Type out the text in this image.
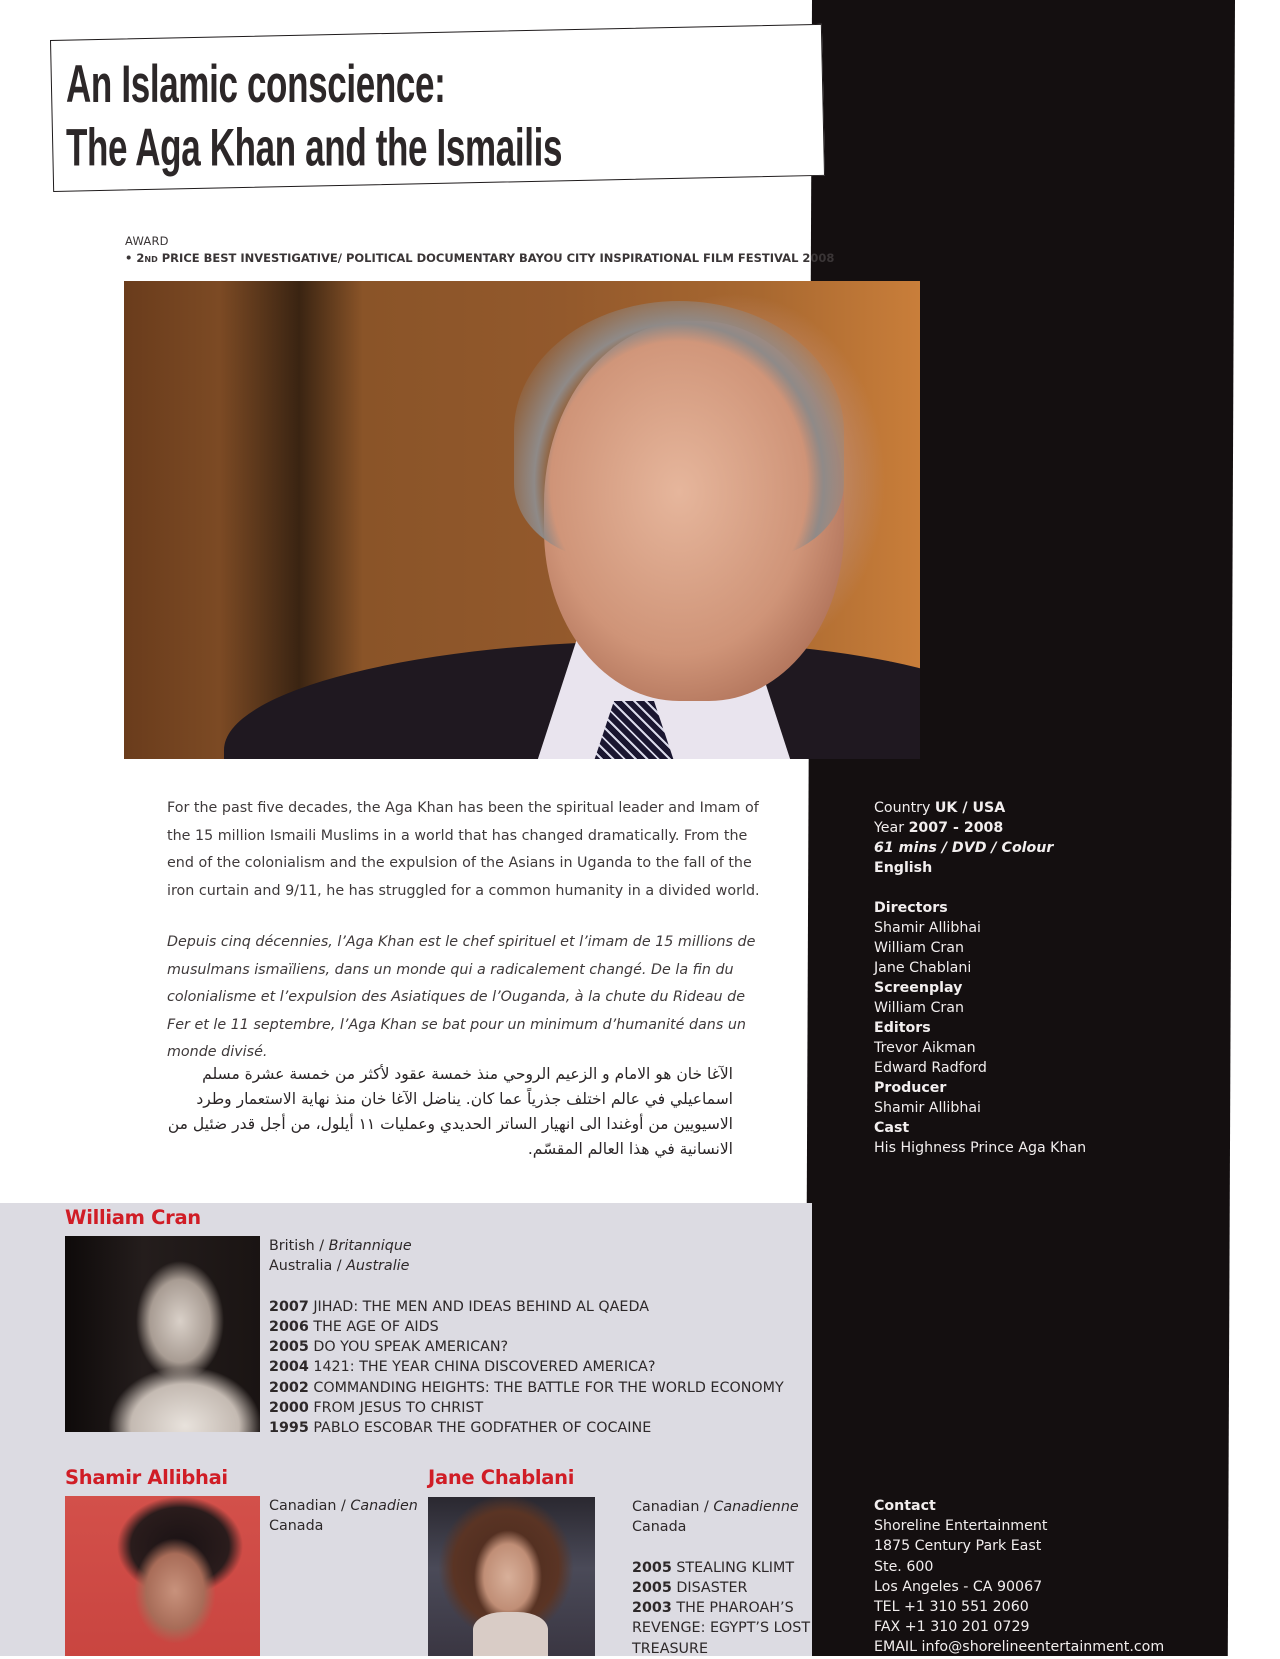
An Islamic conscience:
The Aga Khan and the Ismailis
AWARD
• 2ND PRICE BEST INVESTIGATIVE/ POLITICAL DOCUMENTARY BAYOU CITY INSPIRATIONAL FILM FESTIVAL 2008
For the past five decades, the Aga Khan has been the spiritual leader and Imam of the 15 million Ismaili Muslims in a world that has changed dramatically. From the end of the colonialism and the expulsion of the Asians in Uganda to the fall of the iron curtain and 9/11, he has struggled for a common humanity in a divided world.
Depuis cinq décennies, l’Aga Khan est le chef spirituel et l’imam de 15 millions de musulmans ismaïliens, dans un monde qui a radicalement changé. De la fin du colonialisme et l’expulsion des Asiatiques de l’Ouganda, à la chute du Rideau de Fer et le 11 septembre, l’Aga Khan se bat pour un minimum d’humanité dans un monde divisé.
الآغا خان هو الامام و الزعيم الروحي منذ خمسة عقود لأكثر من خمسة عشرة مسلم اسماعيلي في عالم اختلف جذرياً عما كان. يناضل الآغا خان منذ نهاية الاستعمار وطرد الاسيويين من أوغندا الى انهيار الساتر الحديدي وعمليات ١١ أيلول، من أجل قدر ضئيل من الانسانية في هذا العالم المقسّم.
Country UK / USA
Year 2007 - 2008
61 mins / DVD / Colour
English
Directors
Shamir Allibhai
William Cran
Jane Chablani
Screenplay
William Cran
Editors
Trevor Aikman
Edward Radford
Producer
Shamir Allibhai
Cast
His Highness Prince Aga Khan
Contact
Shoreline Entertainment
1875 Century Park East
Ste. 600
Los Angeles - CA 90067
TEL +1 310 551 2060
FAX +1 310 201 0729
EMAIL info@shorelineentertainment.com
William Cran
British / Britannique
Australia / Australie
2007 JIHAD: THE MEN AND IDEAS BEHIND AL QAEDA
2006 THE AGE OF AIDS
2005 DO YOU SPEAK AMERICAN?
2004 1421: THE YEAR CHINA DISCOVERED AMERICA?
2002 COMMANDING HEIGHTS: THE BATTLE FOR THE WORLD ECONOMY
2000 FROM JESUS TO CHRIST
1995 PABLO ESCOBAR THE GODFATHER OF COCAINE
Shamir Allibhai
Canadian / Canadien
Canada
Jane Chablani
Canadian / Canadienne
Canada
2005 STEALING KLIMT
2005 DISASTER
2003 THE PHAROAH’S REVENGE: EGYPT’S LOST TREASURE
